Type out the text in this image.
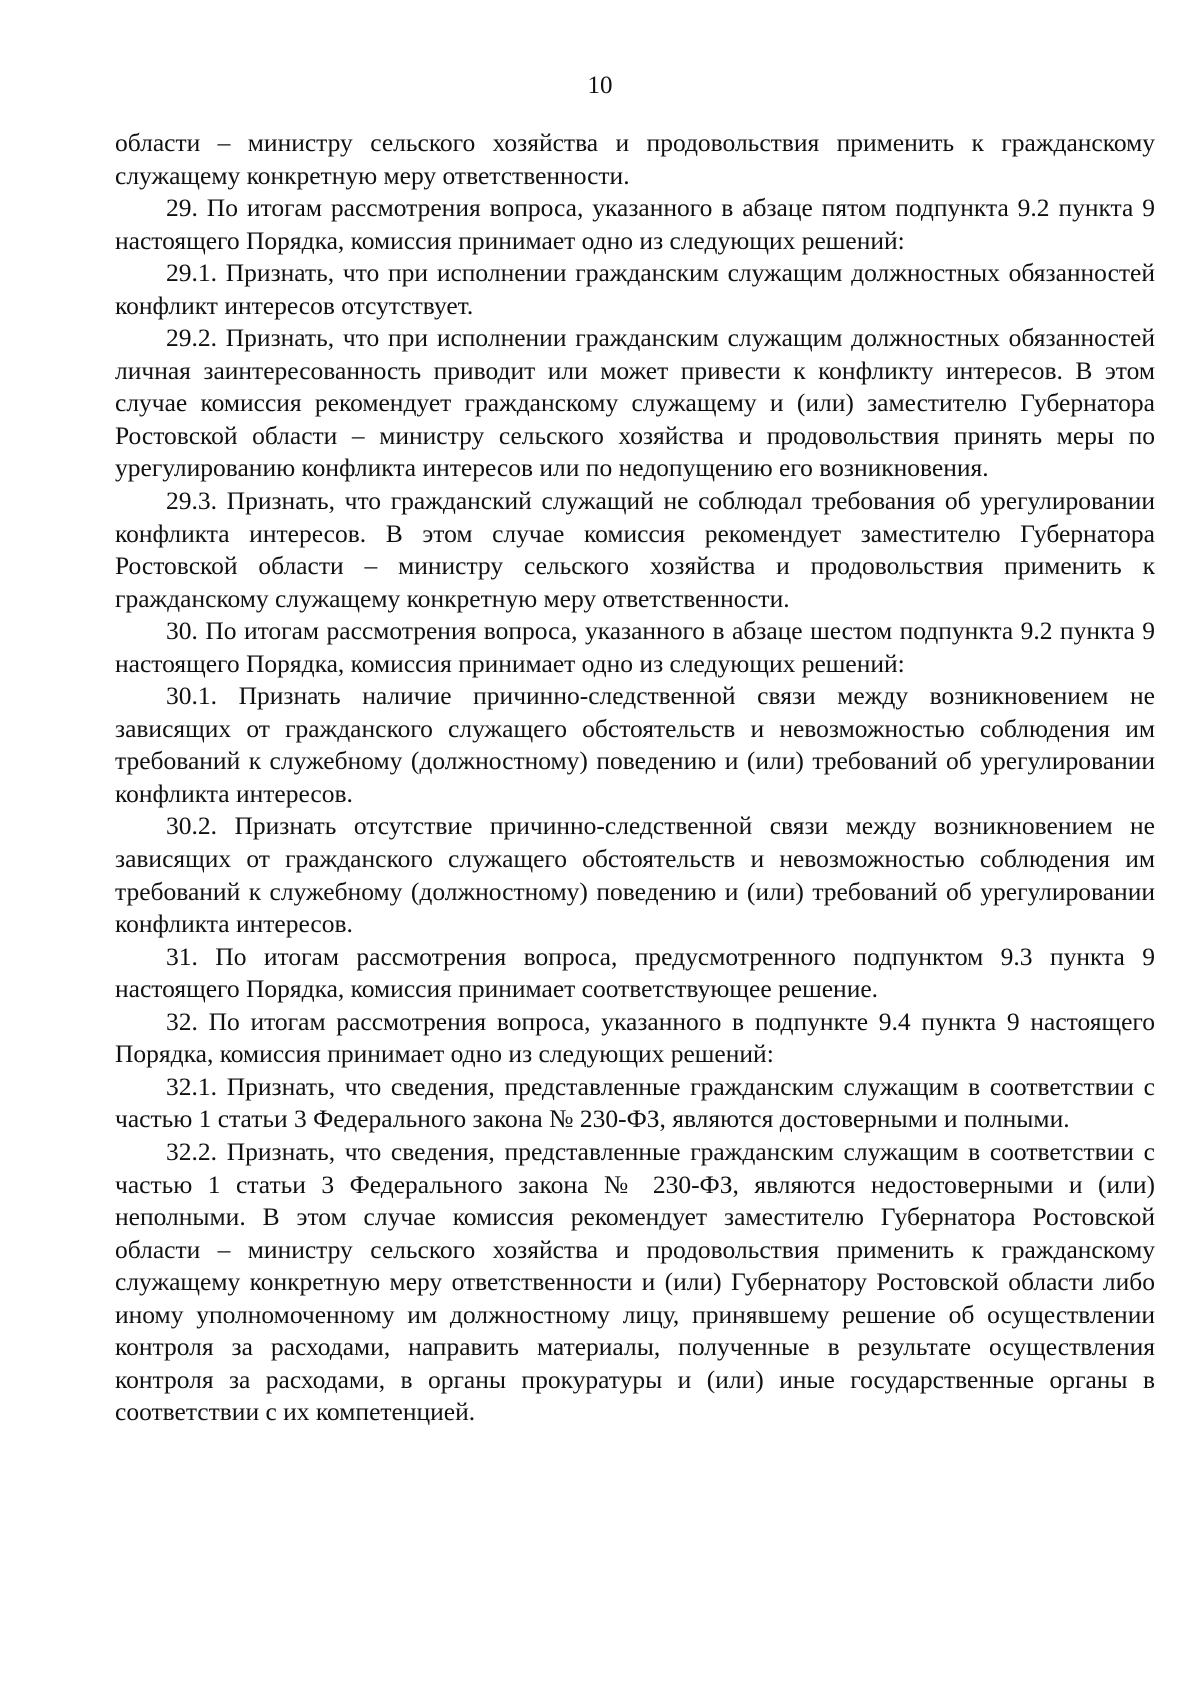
10

области – министру сельского хозяйства и продовольствия применить к гражданскому служащему конкретную меру ответственности.

29. По итогам рассмотрения вопроса, указанного в абзаце пятом подпункта 9.2 пункта 9 настоящего Порядка, комиссия принимает одно из следующих решений:

29.1. Признать, что при исполнении гражданским служащим должностных обязанностей конфликт интересов отсутствует.

29.2. Признать, что при исполнении гражданским служащим должностных обязанностей личная заинтересованность приводит или может привести к конфликту интересов. В этом случае комиссия рекомендует гражданскому служащему и (или) заместителю Губернатора Ростовской области – министру сельского хозяйства и продовольствия принять меры по урегулированию конфликта интересов или по недопущению его возникновения.

29.3. Признать, что гражданский служащий не соблюдал требования об урегулировании конфликта интересов. В этом случае комиссия рекомендует заместителю Губернатора Ростовской области – министру сельского хозяйства и продовольствия применить к гражданскому служащему конкретную меру ответственности.

30. По итогам рассмотрения вопроса, указанного в абзаце шестом подпункта 9.2 пункта 9 настоящего Порядка, комиссия принимает одно из следующих решений:

30.1. Признать наличие причинно-следственной связи между возникновением не зависящих от гражданского служащего обстоятельств и невозможностью соблюдения им требований к служебному (должностному) поведению и (или) требований об урегулировании конфликта интересов.

30.2. Признать отсутствие причинно-следственной связи между возникновением не зависящих от гражданского служащего обстоятельств и невозможностью соблюдения им требований к служебному (должностному) поведению и (или) требований об урегулировании конфликта интересов.

31. По итогам рассмотрения вопроса, предусмотренного подпунктом 9.3 пункта 9 настоящего Порядка, комиссия принимает соответствующее решение.

32. По итогам рассмотрения вопроса, указанного в подпункте 9.4 пункта 9 настоящего Порядка, комиссия принимает одно из следующих решений:

32.1. Признать, что сведения, представленные гражданским служащим в соответствии с частью 1 статьи 3 Федерального закона № 230-ФЗ, являются достоверными и полными.

32.2. Признать, что сведения, представленные гражданским служащим в соответствии с частью 1 статьи 3 Федерального закона № 230-ФЗ, являются недостоверными и (или) неполными. В этом случае комиссия рекомендует заместителю Губернатора Ростовской области – министру сельского хозяйства и продовольствия применить к гражданскому служащему конкретную меру ответственности и (или) Губернатору Ростовской области либо иному уполномоченному им должностному лицу, принявшему решение об осуществлении контроля за расходами, направить материалы, полученные в результате осуществления контроля за расходами, в органы прокуратуры и (или) иные государственные органы в соответствии с их компетенцией.
